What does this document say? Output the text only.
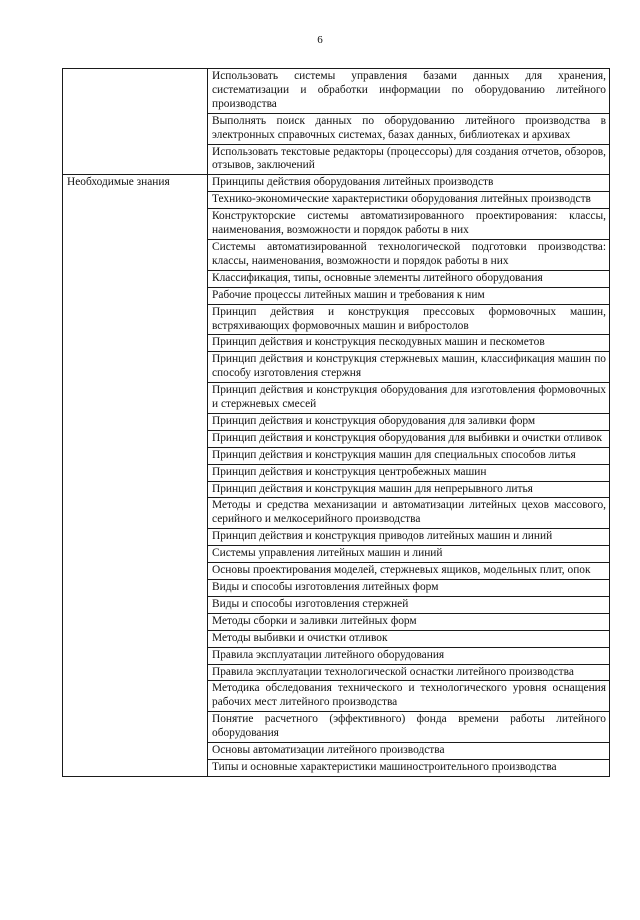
6
	Использовать системы управления базами данных для хранения, систематизации и обработки информации по оборудованию литейного производства
	Выполнять поиск данных по оборудованию литейного производства в электронных справочных системах, базах данных, библиотеках и архивах
	Использовать текстовые редакторы (процессоры) для создания отчетов, обзоров, отзывов, заключений
Необходимые знания	Принципы действия оборудования литейных производств
	Технико-экономические характеристики оборудования литейных производств
	Конструкторские системы автоматизированного проектирования: классы, наименования, возможности и порядок работы в них
	Системы автоматизированной технологической подготовки производства: классы, наименования, возможности и порядок работы в них
	Классификация, типы, основные элементы литейного оборудования
	Рабочие процессы литейных машин и требования к ним
	Принцип действия и конструкция прессовых формовочных машин, встряхивающих формовочных машин и вибростолов
	Принцип действия и конструкция пескодувных машин и пескометов
	Принцип действия и конструкция стержневых машин, классификация машин по способу изготовления стержня
	Принцип действия и конструкция оборудования для изготовления формовочных и стержневых смесей
	Принцип действия и конструкция оборудования для заливки форм
	Принцип действия и конструкция оборудования для выбивки и очистки отливок
	Принцип действия и конструкция машин для специальных способов литья
	Принцип действия и конструкция центробежных машин
	Принцип действия и конструкция машин для непрерывного литья
	Методы и средства механизации и автоматизации литейных цехов массового, серийного и мелкосерийного производства
	Принцип действия и конструкция приводов литейных машин и линий
	Системы управления литейных машин и линий
	Основы проектирования моделей, стержневых ящиков, модельных плит, опок
	Виды и способы изготовления литейных форм
	Виды и способы изготовления стержней
	Методы сборки и заливки литейных форм
	Методы выбивки и очистки отливок
	Правила эксплуатации литейного оборудования
	Правила эксплуатации технологической оснастки литейного производства
	Методика обследования технического и технологического уровня оснащения рабочих мест литейного производства
	Понятие расчетного (эффективного) фонда времени работы литейного оборудования
	Основы автоматизации литейного производства
	Типы и основные характеристики машиностроительного производства
